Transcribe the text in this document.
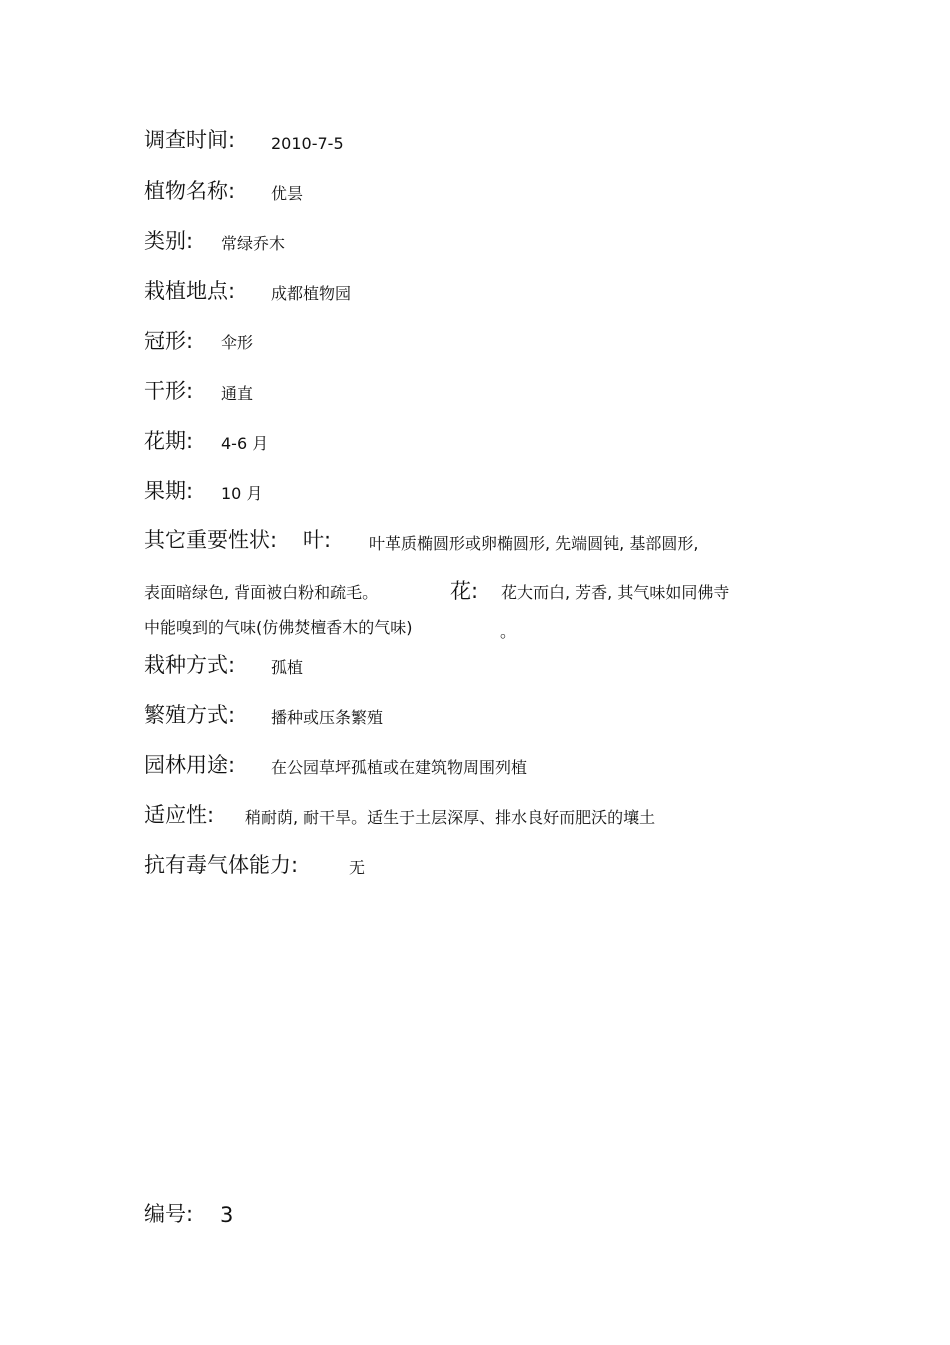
调查时间: 2010-7-5
植物名称: 优昙
类别: 常绿乔木
栽植地点: 成都植物园
冠形: 伞形
干形: 通直
花期: 4-6 月
果期: 10 月
其它重要性状: 叶: 叶革质椭圆形或卵椭圆形, 先端圆钝, 基部圆形,
表面暗绿色, 背面被白粉和疏毛。	花: 花大而白, 芳香, 其气味如同佛寺
中能嗅到的气味(仿佛焚檀香木的气味)	。
栽种方式: 孤植
繁殖方式: 播种或压条繁殖
园林用途: 在公园草坪孤植或在建筑物周围列植
适应性: 稍耐荫, 耐干旱。适生于土层深厚、排水良好而肥沃的壤土
抗有毒气体能力:	无
编号: 3
